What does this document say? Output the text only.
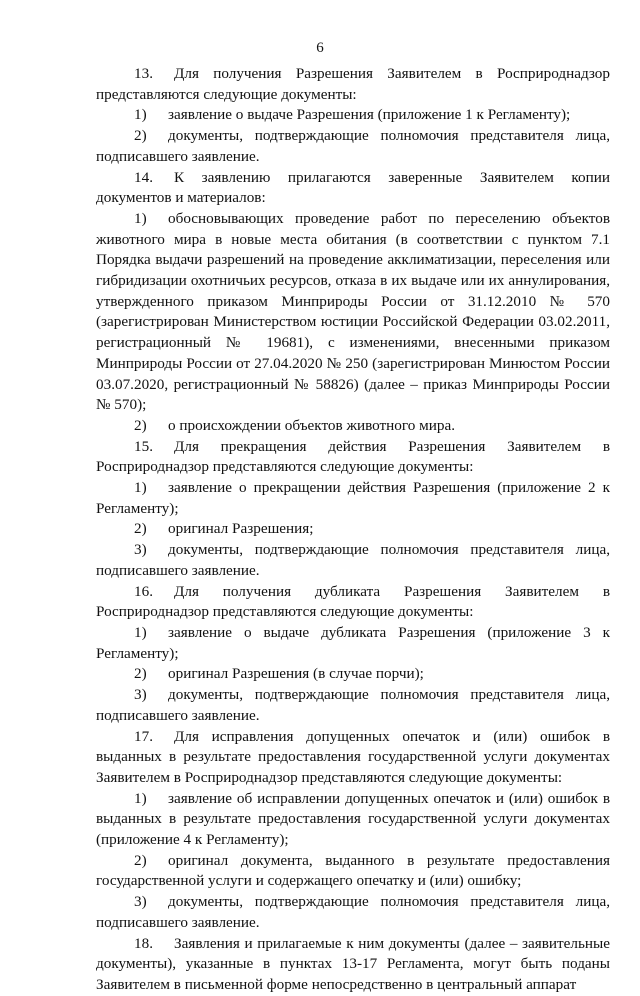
6

13. Для получения Разрешения Заявителем в Росприроднадзор представляются следующие документы:

1) заявление о выдаче Разрешения (приложение 1 к Регламенту);

2) документы, подтверждающие полномочия представителя лица, подписавшего заявление.

14. К заявлению прилагаются заверенные Заявителем копии документов и материалов:

1) обосновывающих проведение работ по переселению объектов животного мира в новые места обитания (в соответствии с пунктом 7.1 Порядка выдачи разрешений на проведение акклиматизации, переселения или гибридизации охотничьих ресурсов, отказа в их выдаче или их аннулирования, утвержденного приказом Минприроды России от 31.12.2010 № 570 (зарегистрирован Министерством юстиции Российской Федерации 03.02.2011, регистрационный № 19681), с изменениями, внесенными приказом Минприроды России от 27.04.2020 № 250 (зарегистрирован Минюстом России 03.07.2020, регистрационный № 58826) (далее – приказ Минприроды России № 570);

2) о происхождении объектов животного мира.

15. Для прекращения действия Разрешения Заявителем в Росприроднадзор представляются следующие документы:

1) заявление о прекращении действия Разрешения (приложение 2 к Регламенту);

2) оригинал Разрешения;

3) документы, подтверждающие полномочия представителя лица, подписавшего заявление.

16. Для получения дубликата Разрешения Заявителем в Росприроднадзор представляются следующие документы:

1) заявление о выдаче дубликата Разрешения (приложение 3 к Регламенту);

2) оригинал Разрешения (в случае порчи);

3) документы, подтверждающие полномочия представителя лица, подписавшего заявление.

17. Для исправления допущенных опечаток и (или) ошибок в выданных в результате предоставления государственной услуги документах Заявителем в Росприроднадзор представляются следующие документы:

1) заявление об исправлении допущенных опечаток и (или) ошибок в выданных в результате предоставления государственной услуги документах (приложение 4 к Регламенту);

2) оригинал документа, выданного в результате предоставления государственной услуги и содержащего опечатку и (или) ошибку;

3) документы, подтверждающие полномочия представителя лица, подписавшего заявление.

18. Заявления и прилагаемые к ним документы (далее – заявительные документы), указанные в пунктах 13-17 Регламента, могут быть поданы Заявителем в письменной форме непосредственно в центральный аппарат
